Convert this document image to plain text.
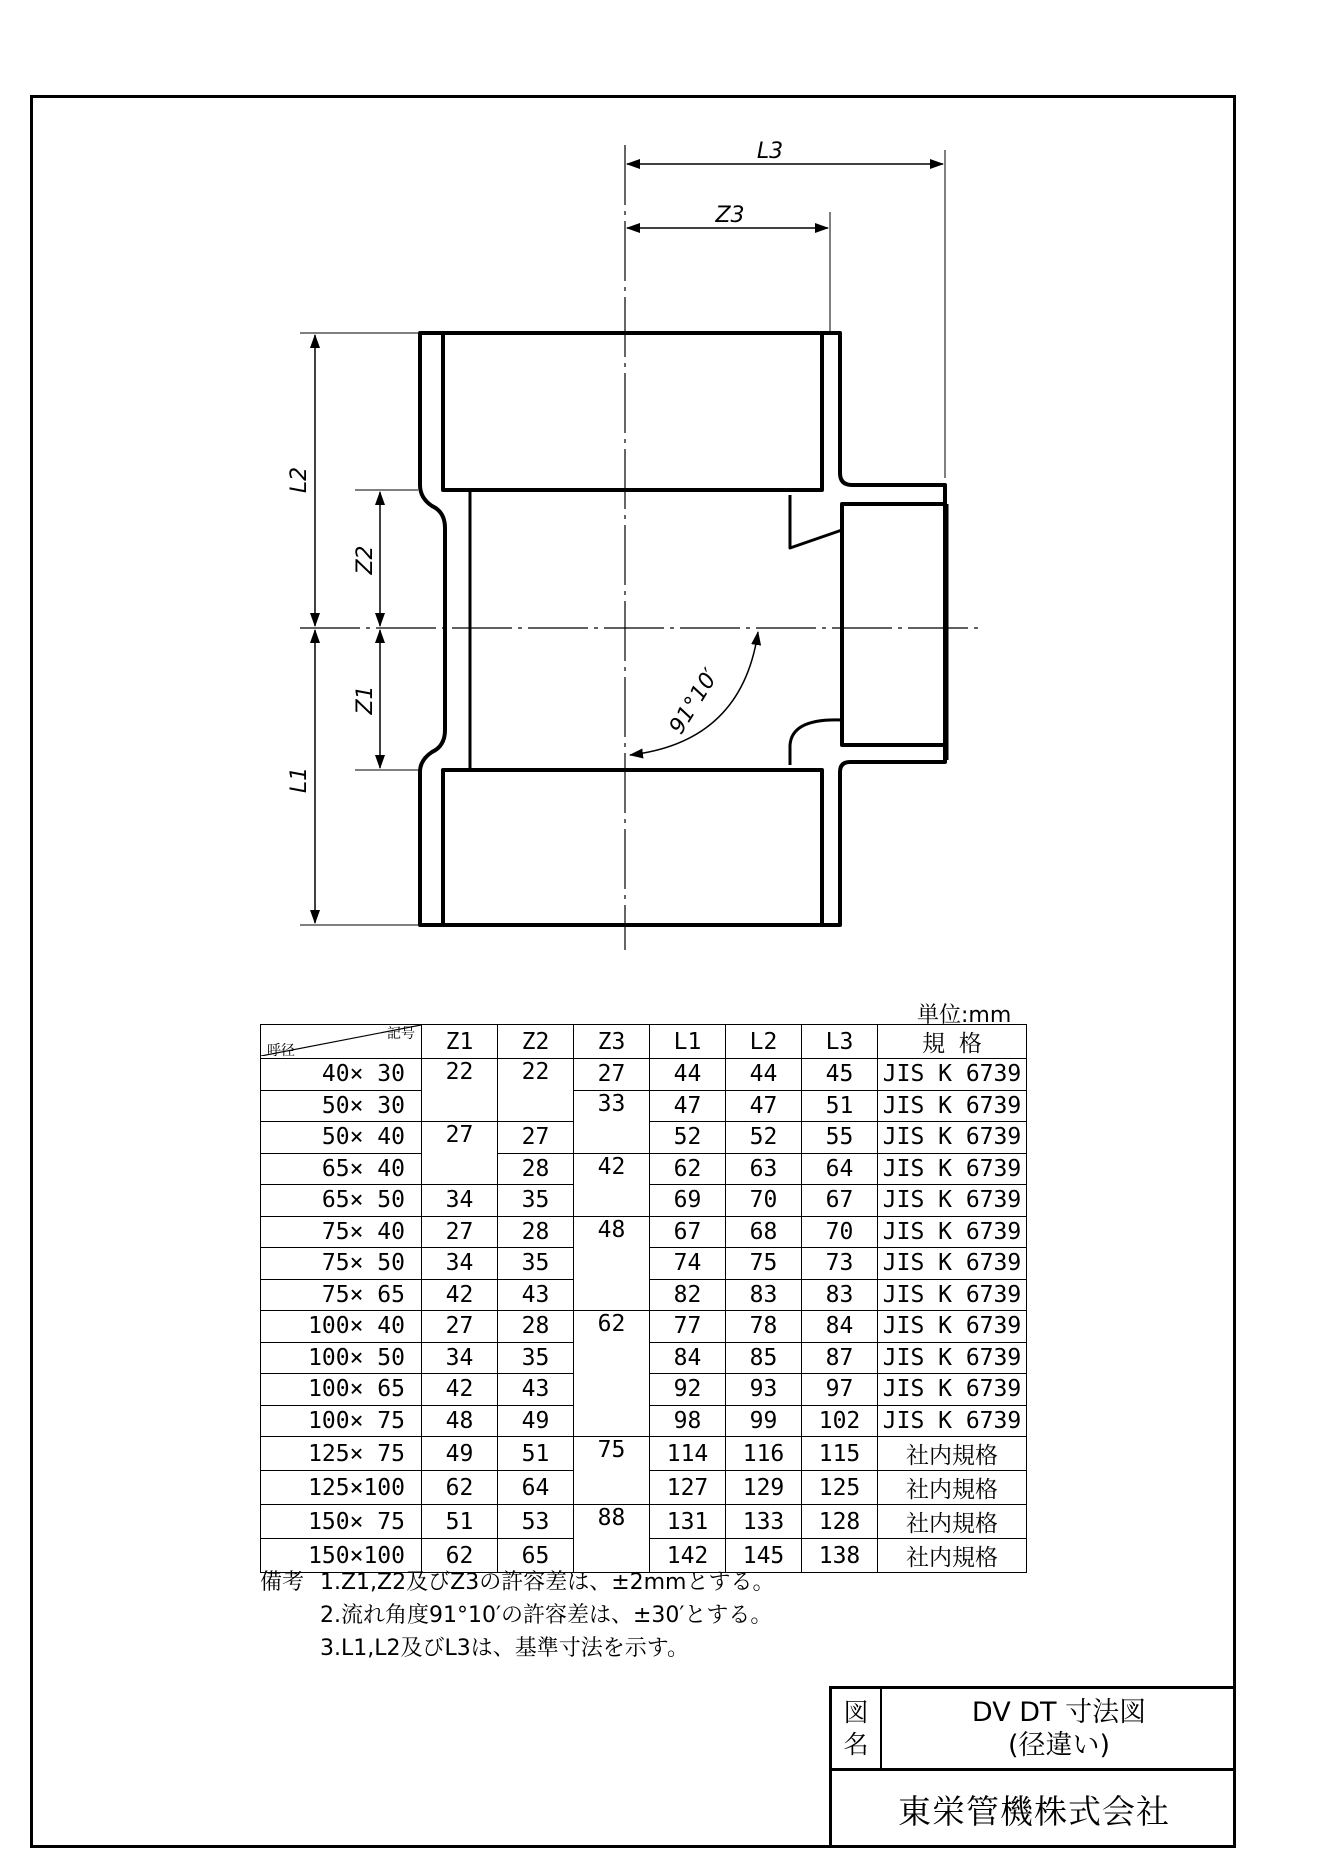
L3
Z3
L2
Z2
Z1
L1
91°10′
単位:mm
記号
呼径	Z1	Z2	Z3	L1	L2	L3	規 格
40× 30	22	22	27	44	44	45	JIS K 6739
50× 30			33	47	47	51	JIS K 6739
50× 40	27	27		52	52	55	JIS K 6739
65× 40		28	42	62	63	64	JIS K 6739
65× 50	34	35		69	70	67	JIS K 6739
75× 40	27	28	48	67	68	70	JIS K 6739
75× 50	34	35		74	75	73	JIS K 6739
75× 65	42	43		82	83	83	JIS K 6739
100× 40	27	28	62	77	78	84	JIS K 6739
100× 50	34	35		84	85	87	JIS K 6739
100× 65	42	43		92	93	97	JIS K 6739
100× 75	48	49		98	99	102	JIS K 6739
125× 75	49	51	75	114	116	115	社内規格
125×100	62	64		127	129	125	社内規格
150× 75	51	53	88	131	133	128	社内規格
150×100	62	65		142	145	138	社内規格
備考 1.Z1,Z2及びZ3の許容差は、±2mmとする。
2.流れ角度91°10′の許容差は、±30′とする。
3.L1,L2及びL3は、基準寸法を示す。
図
名
DV DT 寸法図
(径違い)
東栄管機株式会社
